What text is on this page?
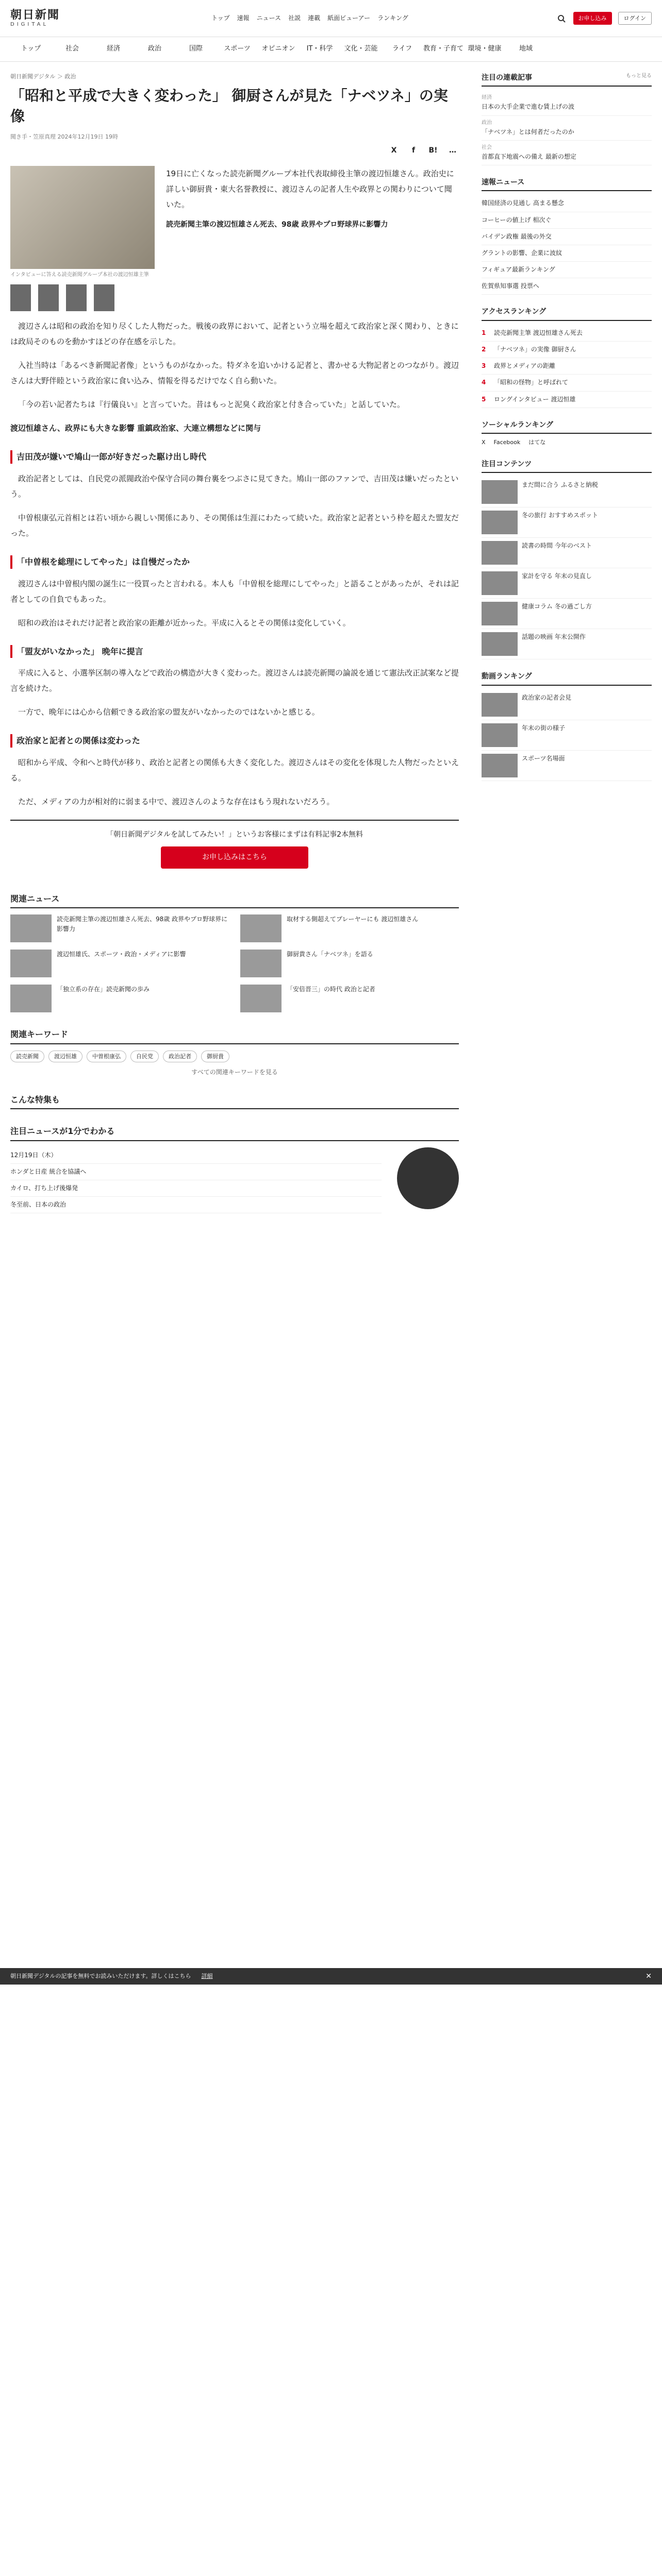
朝日新聞
DIGITAL
トップ 速報 ニュース 社説 連載 紙面ビューアー ランキング	お申し込み	ログイン
トップ	社会	経済	政治	国際	スポーツ	オピニオン	IT・科学	文化・芸能	ライフ	教育・子育て 環境・健康	地域
朝日新聞デジタル ＞ 政治
「昭和と平成で大きく変わった」 御厨さんが見た「ナベツネ」の実像
聞き手・笠原真理 2024年12月19日 19時
X	f	B!	…
インタビューに答える読売新聞グループ本社の渡辺恒雄主筆

19日に亡くなった読売新聞グループ本社代表取締役主筆の渡辺恒雄さん。政治史に詳しい御厨貴・東大名誉教授に、渡辺さんの記者人生や政界との関わりについて聞いた。

読売新聞主筆の渡辺恒雄さん死去、98歳 政界やプロ野球界に影響力

渡辺さんは昭和の政治を知り尽くした人物だった。戦後の政界において、記者という立場を超えて政治家と深く関わり、ときには政局そのものを動かすほどの存在感を示した。

入社当時は「あるべき新聞記者像」というものがなかった。特ダネを追いかける記者と、書かせる大物記者とのつながり。渡辺さんは大野伴睦という政治家に食い込み、情報を得るだけでなく自ら動いた。

「今の若い記者たちは『行儀良い』と言っていた。昔はもっと泥臭く政治家と付き合っていた」と話していた。

渡辺恒雄さん、政界にも大きな影響 重鎮政治家、大連立構想などに関与

吉田茂が嫌いで鳩山一郎が好きだった駆け出し時代

政治記者としては、自民党の派閥政治や保守合同の舞台裏をつぶさに見てきた。鳩山一郎のファンで、吉田茂は嫌いだったという。

中曽根康弘元首相とは若い頃から親しい関係にあり、その関係は生涯にわたって続いた。政治家と記者という枠を超えた盟友だった。

「中曽根を総理にしてやった」は自慢だったか

渡辺さんは中曽根内閣の誕生に一役買ったと言われる。本人も「中曽根を総理にしてやった」と語ることがあったが、それは記者としての自負でもあった。

昭和の政治はそれだけ記者と政治家の距離が近かった。平成に入るとその関係は変化していく。

「盟友がいなかった」 晩年に提言

平成に入ると、小選挙区制の導入などで政治の構造が大きく変わった。渡辺さんは読売新聞の論説を通じて憲法改正試案など提言を続けた。

一方で、晩年には心から信頼できる政治家の盟友がいなかったのではないかと感じる。

政治家と記者との関係は変わった

昭和から平成、令和へと時代が移り、政治と記者との関係も大きく変化した。渡辺さんはその変化を体現した人物だったといえる。

ただ、メディアの力が相対的に弱まる中で、渡辺さんのような存在はもう現れないだろう。

「朝日新聞デジタルを試してみたい！」というお客様にまずは有料記事2本無料
お申し込みはこちら
関連ニュース
読売新聞主筆の渡辺恒雄さん死去、98歳 政界やプロ野球界に影響力
取材する側超えてプレーヤーにも 渡辺恒雄さん
渡辺恒雄氏、スポーツ・政治・メディアに影響	御厨貴さん「ナベツネ」を語る
「独立系の存在」読売新聞の歩み	「安倍晋三」の時代 政治と記者
関連キーワード
読売新聞	渡辺恒雄	中曽根康弘	自民党	政治記者	御厨貴
すべての関連キーワードを見る
こんな特集も
注目ニュースが1分でわかる
12月19日（木）
ホンダと日産 統合を協議へ
カイロ、打ち上げ後爆発
冬至前、日本の政治
注目の連載記事	もっと見る
経済
日本の大手企業で進む賃上げの波
政治
「ナベツネ」とは何者だったのか
社会
首都直下地震への備え 最新の想定
速報ニュース
韓国経済の見通し 高まる懸念
コーヒーの値上げ 相次ぐ
バイデン政権 最後の外交
グラントの影響、企業に波紋
フィギュア最新ランキング
佐賀県知事選 投票へ
アクセスランキング
1	読売新聞主筆 渡辺恒雄さん死去
2	「ナベツネ」の実像 御厨さん
3	政界とメディアの距離
4	「昭和の怪物」と呼ばれて
5	ロングインタビュー 渡辺恒雄
ソーシャルランキング
X Facebook はてな
注目コンテンツ
まだ間に合う ふるさと納税
冬の旅行 おすすめスポット
読書の時間 今年のベスト
家計を守る 年末の見直し
健康コラム 冬の過ごし方
話題の映画 年末公開作
動画ランキング
政治家の記者会見
年末の街の様子
スポーツ名場面
朝日新聞デジタルの記事を無料でお読みいただけます。詳しくはこちら 詳細	✕
